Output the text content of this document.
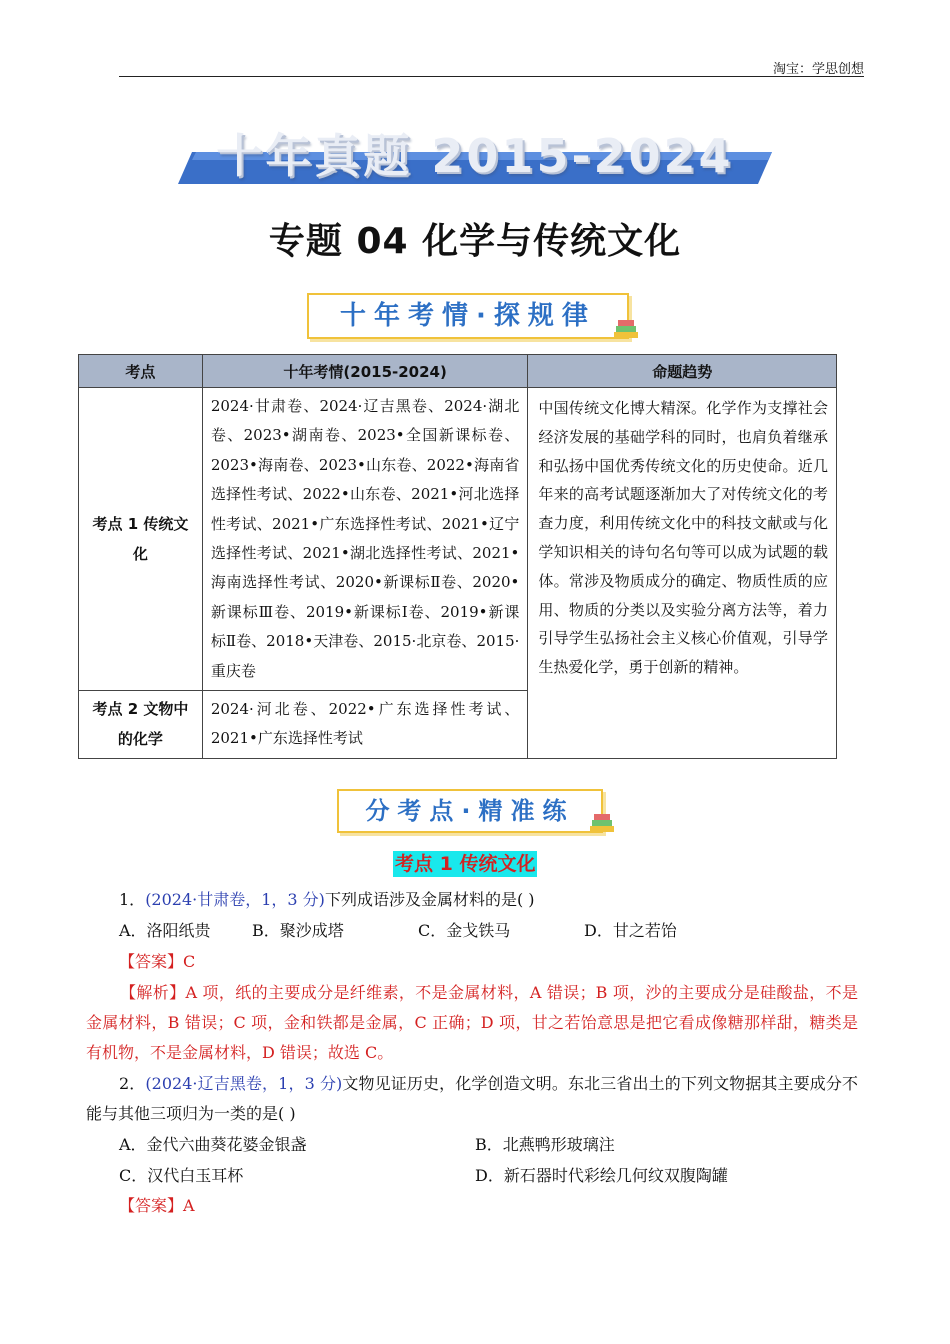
淘宝：学思创想
十年真题 2015-2024
专题 04 化学与传统文化
十年考情·探规律
考点	十年考情(2015-2024)	命题趋势
考点 1 传统文化	2024·甘肃卷、2024·辽吉黑卷、2024·湖北卷、2023•湖南卷、2023•全国新课标卷、2023•海南卷、2023•山东卷、2022•海南省选择性考试、2022•山东卷、2021•河北选择性考试、2021•广东选择性考试、2021•辽宁选择性考试、2021•湖北选择性考试、2021•海南选择性考试、2020•新课标Ⅱ卷、2020•新课标Ⅲ卷、2019•新课标Ⅰ卷、2019•新课标Ⅱ卷、2018•天津卷、2015·北京卷、2015·重庆卷	中国传统文化博大精深。化学作为支撑社会经济发展的基础学科的同时，也肩负着继承和弘扬中国优秀传统文化的历史使命。近几年来的高考试题逐渐加大了对传统文化的考查力度，利用传统文化中的科技文献或与化学知识相关的诗句名句等可以成为试题的载体。常涉及物质成分的确定、物质性质的应用、物质的分类以及实验分离方法等，着力引导学生弘扬社会主义核心价值观，引导学生热爱化学，勇于创新的精神。
考点 2 文物中的化学	2024·河北卷、2022•广东选择性考试、2021•广东选择性考试	
分考点·精准练
考点 1 传统文化
1．(2024·甘肃卷，1，3 分)下列成语涉及金属材料的是( )
A．洛阳纸贵	B．聚沙成塔	C．金戈铁马	D．甘之若饴
【答案】C
【解析】A 项，纸的主要成分是纤维素，不是金属材料，A 错误；B 项，沙的主要成分是硅酸盐，不是金属材料，B 错误；C 项，金和铁都是金属，C 正确；D 项，甘之若饴意思是把它看成像糖那样甜，糖类是有机物，不是金属材料，D 错误；故选 C。
2．(2024·辽吉黑卷，1，3 分)文物见证历史，化学创造文明。东北三省出土的下列文物据其主要成分不能与其他三项归为一类的是( )
A．金代六曲葵花婆金银盏	B．北燕鸭形玻璃注
C．汉代白玉耳杯	D．新石器时代彩绘几何纹双腹陶罐
【答案】A
